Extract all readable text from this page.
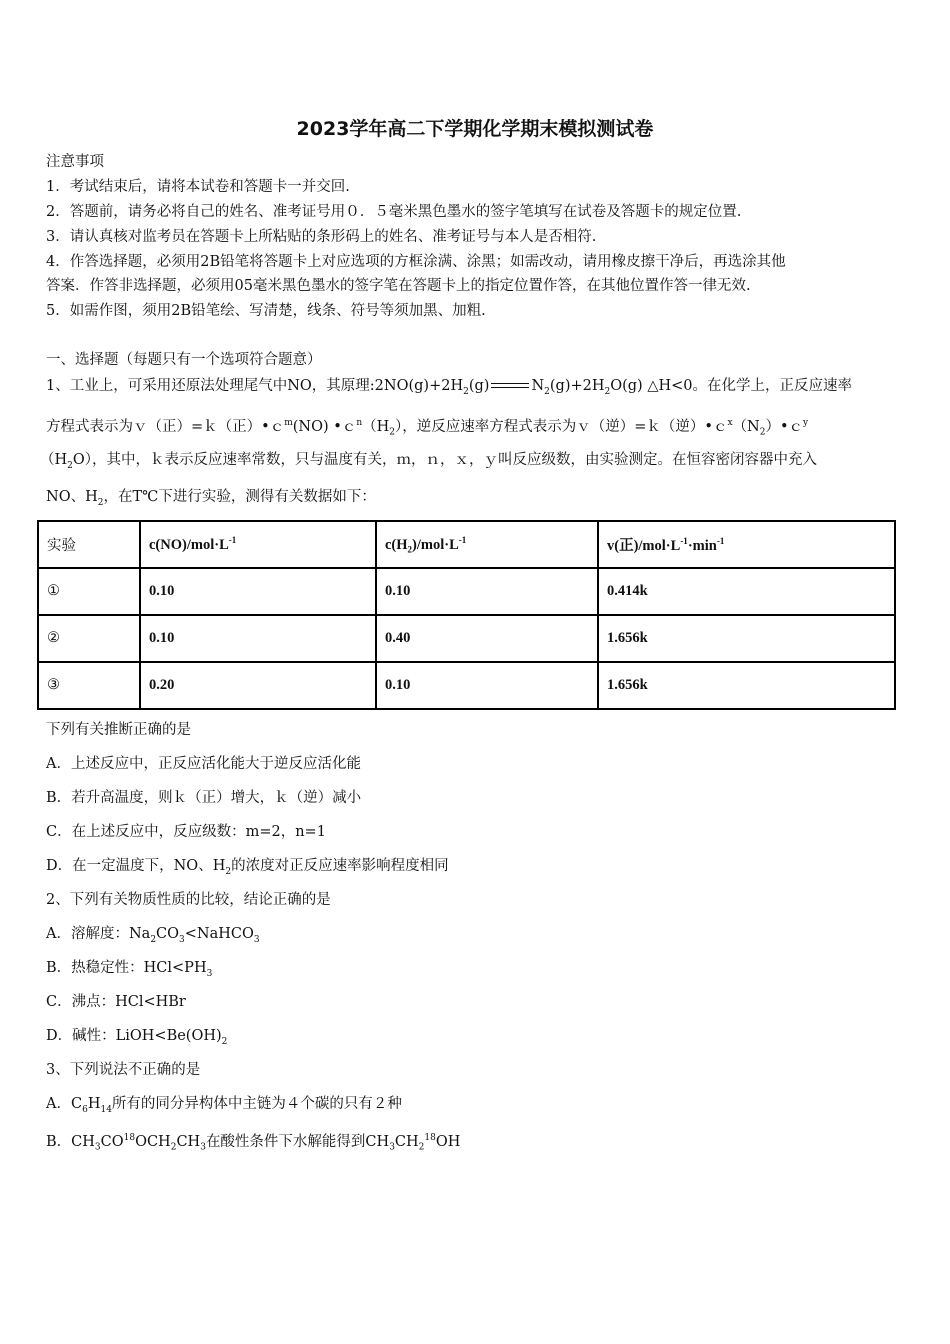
2023学年高二下学期化学期末模拟测试卷
注意事项
1．考试结束后，请将本试卷和答题卡一并交回.
2．答题前，请务必将自己的姓名、准考证号用０．５毫米黑色墨水的签字笔填写在试卷及答题卡的规定位置.
3．请认真核对监考员在答题卡上所粘贴的条形码上的姓名、准考证号与本人是否相符.
4．作答选择题，必须用2B铅笔将答题卡上对应选项的方框涂满、涂黑；如需改动，请用橡皮擦干净后，再选涂其他
答案．作答非选择题，必须用05毫米黑色墨水的签字笔在答题卡上的指定位置作答，在其他位置作答一律无效.
5．如需作图，须用2B铅笔绘、写清楚，线条、符号等须加黑、加粗.
一、选择题（每题只有一个选项符合题意）
1、工业上，可采用还原法处理尾气中NO，其原理$:2NO(g)+2H_2(g)$	$N_2(g)+2H_2O(g)$ △H<0。在化学上，正反应速率
方程式表示为ｖ（正）=ｋ（正）•ｃ$^m$(NO) $•c^n(H_2)$，逆反应速率方程式表示为ｖ（逆）=ｋ（逆）$•c^x(N_2)•c^y$
$(H_2O)$，其中，ｋ表示反应速率常数，只与温度有关，ｍ，ｎ，ｘ，ｙ叫反应级数，由实验测定。在恒容密闭容器中充入
NO、$H_2$，在T℃下进行实验，测得有关数据如下：
实验	$c(NO)/mol\cdot L^{-1}$	$c(H_2)/mol\cdot L^{-1}$	v(正)$/mol\cdot L^{-1}\cdot\min^{-1}$
①	0.10	0.10	0.414k
②	0.10	0.40	1.656k
③	0.20	0.10	1.656k
下列有关推断正确的是
A．上述反应中，正反应活化能大于逆反应活化能
B．若升高温度，则ｋ（正）增大，ｋ（逆）减小
C．在上述反应中，反应级数：m=2，n=1
D．在一定温度下，NO、$H_2$的浓度对正反应速率影响程度相同
2、下列有关物质性质的比较，结论正确的是
A．溶解度：$Na_2CO_3<NaHCO_3$
B．热稳定性：$HCl<PH_3$
C．沸点：HCl<HBr
D．碱性：$LiOH<Be(OH)_2$
3、下列说法不正确的是
A．$C_6H_{14}$所有的同分异构体中主链为４个碳的只有２种
B．$CH_3CO^{18}OCH_2CH_3$在酸性条件下水解能得到$CH_3CH_2^{18}OH$
